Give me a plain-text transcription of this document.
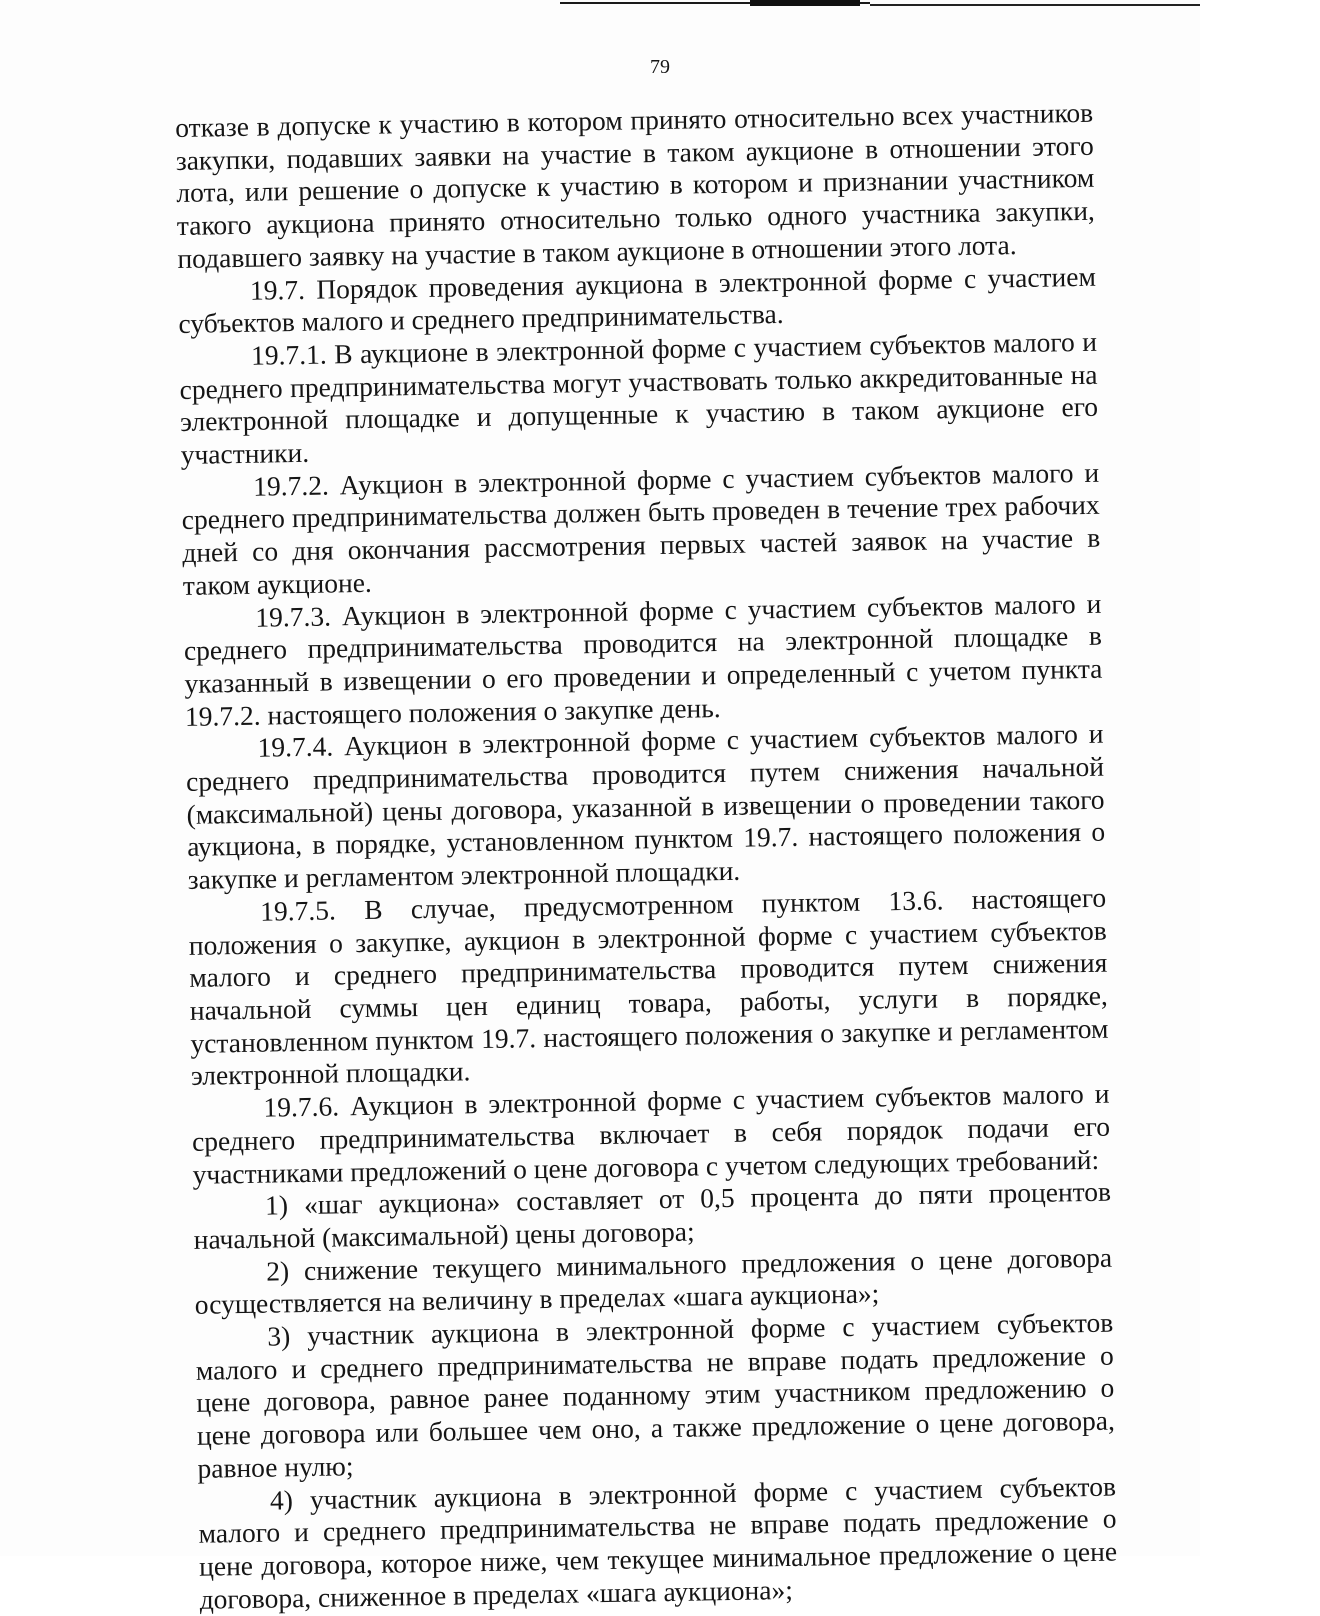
79

отказе в допуске к участию в котором принято относительно всех участников закупки, подавших заявки на участие в таком аукционе в отношении этого лота, или решение о допуске к участию в котором и признании участником такого аукциона принято относительно только одного участника закупки, подавшего заявку на участие в таком аукционе в отношении этого лота.

19.7. Порядок проведения аукциона в электронной форме с участием субъектов малого и среднего предпринимательства.

19.7.1. В аукционе в электронной форме с участием субъектов малого и среднего предпринимательства могут участвовать только аккредитованные на электронной площадке и допущенные к участию в таком аукционе его участники.

19.7.2. Аукцион в электронной форме с участием субъектов малого и среднего предпринимательства должен быть проведен в течение трех рабочих дней со дня окончания рассмотрения первых частей заявок на участие в таком аукционе.

19.7.3. Аукцион в электронной форме с участием субъектов малого и среднего предпринимательства проводится на электронной площадке в указанный в извещении о его проведении и определенный с учетом пункта 19.7.2. настоящего положения о закупке день.

19.7.4. Аукцион в электронной форме с участием субъектов малого и среднего предпринимательства проводится путем снижения начальной (максимальной) цены договора, указанной в извещении о проведении такого аукциона, в порядке, установленном пунктом 19.7. настоящего положения о закупке и регламентом электронной площадки.

19.7.5. В случае, предусмотренном пунктом 13.6. настоящего положения о закупке, аукцион в электронной форме с участием субъектов малого и среднего предпринимательства проводится путем снижения начальной суммы цен единиц товара, работы, услуги в порядке, установленном пунктом 19.7. настоящего положения о закупке и регламентом электронной площадки.

19.7.6. Аукцион в электронной форме с участием субъектов малого и среднего предпринимательства включает в себя порядок подачи его участниками предложений о цене договора с учетом следующих требований:

1) «шаг аукциона» составляет от 0,5 процента до пяти процентов начальной (максимальной) цены договора;

2) снижение текущего минимального предложения о цене договора осуществляется на величину в пределах «шага аукциона»;

3) участник аукциона в электронной форме с участием субъектов малого и среднего предпринимательства не вправе подать предложение о цене договора, равное ранее поданному этим участником предложению о цене договора или большее чем оно, а также предложение о цене договора, равное нулю;

4) участник аукциона в электронной форме с участием субъектов малого и среднего предпринимательства не вправе подать предложение о цене договора, которое ниже, чем текущее минимальное предложение о цене договора, сниженное в пределах «шага аукциона»;
